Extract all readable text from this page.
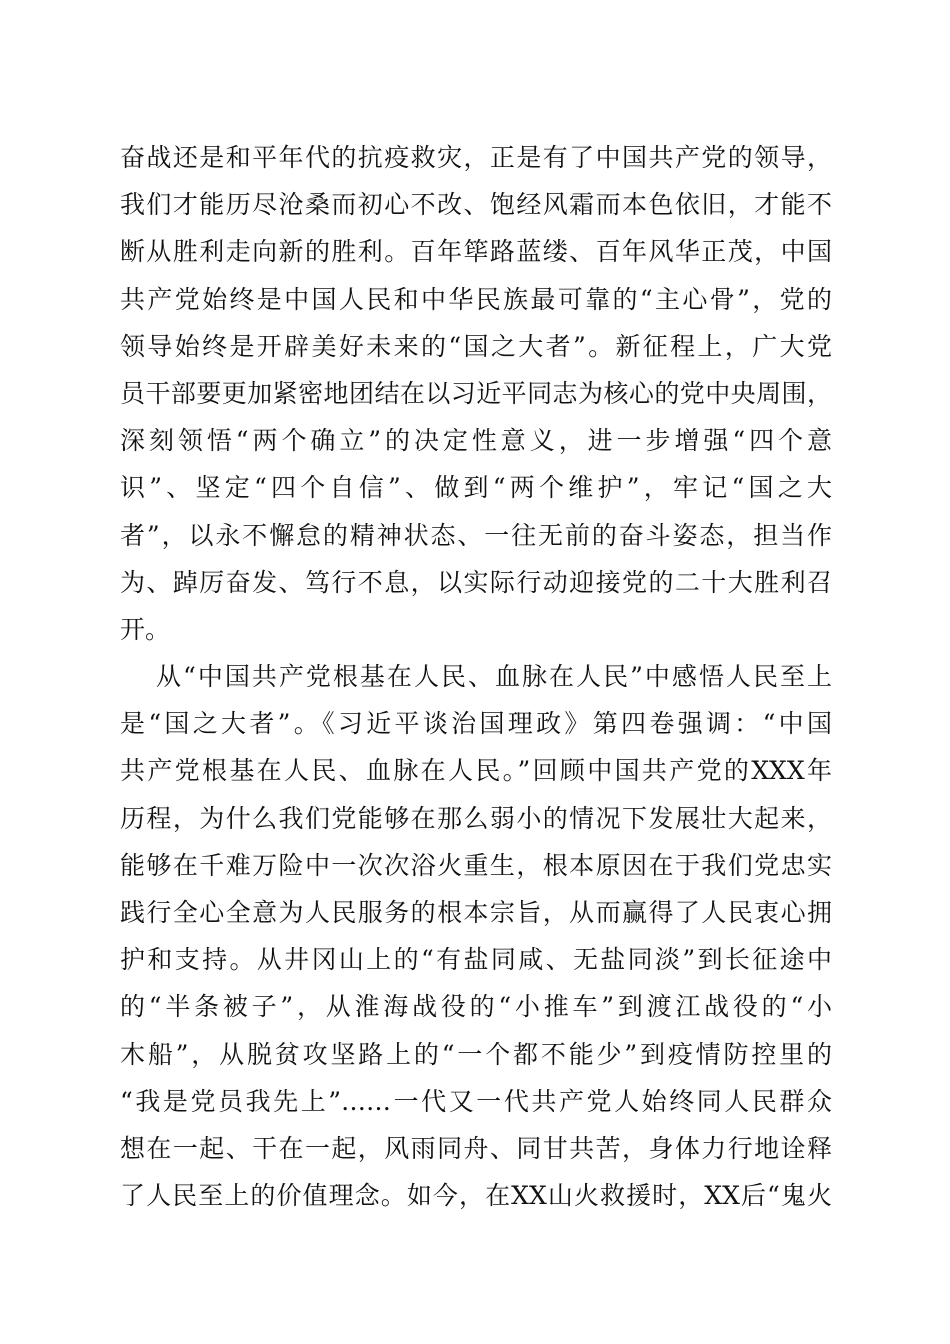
奋战还是和平年代的抗疫救灾，正是有了中国共产党的领导，
我们才能历尽沧桑而初心不改、饱经风霜而本色依旧，才能不
断从胜利走向新的胜利。百年筚路蓝缕、百年风华正茂，中国
共产党始终是中国人民和中华民族最可靠的“主心骨”，党的
领导始终是开辟美好未来的“国之大者”。新征程上，广大党
员干部要更加紧密地团结在以习近平同志为核心的党中央周围，
深刻领悟“两个确立”的决定性意义，进一步增强“四个意
识”、坚定“四个自信”、做到“两个维护”，牢记“国之大
者”，以永不懈怠的精神状态、一往无前的奋斗姿态，担当作
为、踔厉奋发、笃行不息，以实际行动迎接党的二十大胜利召
开。
从“中国共产党根基在人民、血脉在人民”中感悟人民至上
是“国之大者”。《习近平谈治国理政》第四卷强调：“中国
共产党根基在人民、血脉在人民。”回顾中国共产党的XXX年
历程，为什么我们党能够在那么弱小的情况下发展壮大起来，
能够在千难万险中一次次浴火重生，根本原因在于我们党忠实
践行全心全意为人民服务的根本宗旨，从而赢得了人民衷心拥
护和支持。从井冈山上的“有盐同咸、无盐同淡”到长征途中
的“半条被子”，从淮海战役的“小推车”到渡江战役的“小
木船”，从脱贫攻坚路上的“一个都不能少”到疫情防控里的
“我是党员我先上”……一代又一代共产党人始终同人民群众
想在一起、干在一起，风雨同舟、同甘共苦，身体力行地诠释
了人民至上的价值理念。如今，在XX山火救援时，XX后“鬼火
